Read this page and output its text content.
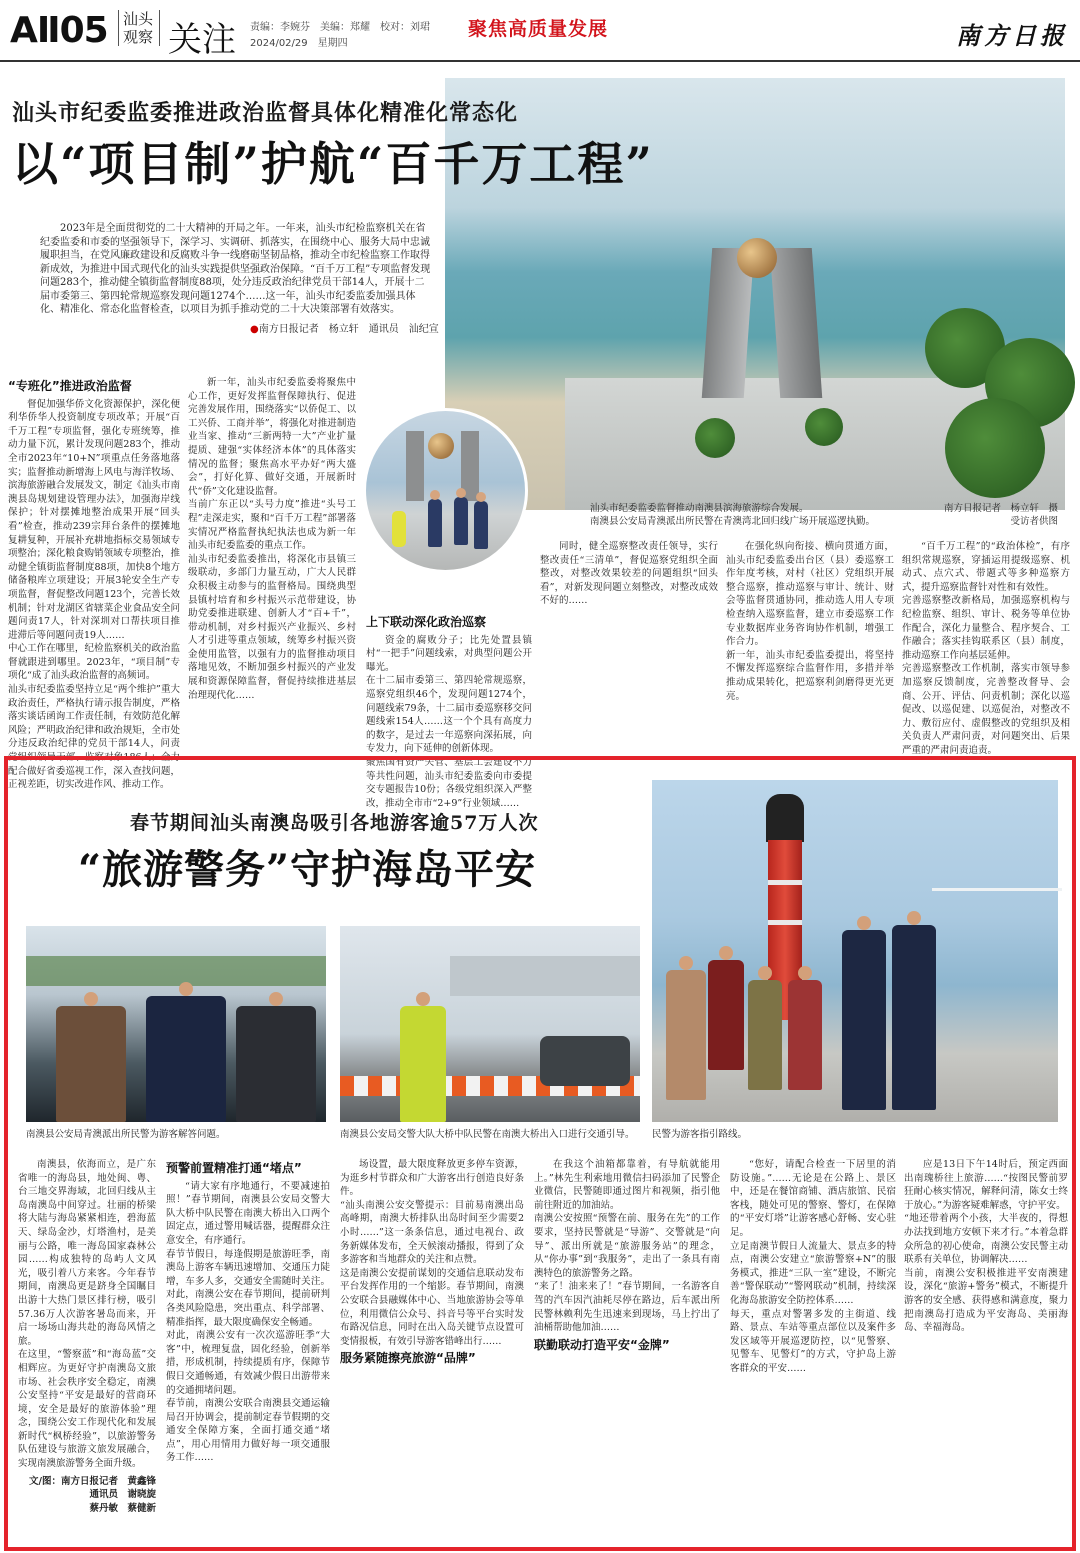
AⅡ05	汕头观察 关注 责编：李婉芬　美编：郑耀　校对：刘珺
2024/02/29　星期四
聚焦高质量发展	南方日报
汕头市纪委监委推进政治监督具体化精准化常态化
以“项目制”护航“百千万工程”
2023年是全面贯彻党的二十大精神的开局之年。一年来，汕头市纪检监察机关在省纪委监委和市委的坚强领导下，深学习、实调研、抓落实，在围绕中心、服务大局中忠诚履职担当，在党风廉政建设和反腐败斗争一线磨砺坚韧品格，推动全市纪检监察工作取得新成效，为推进中国式现代化的汕头实践提供坚强政治保障。“百千万工程”专项监督发现问题283个，推动健全镇街监督制度88项，处分违反政治纪律党员干部14人，开展十二届市委第三、第四轮常规巡察发现问题1274个……这一年，汕头市纪委监委加强具体化、精准化、常态化监督检查，以项目为抓手推动党的二十大决策部署有效落实。
●南方日报记者　杨立轩　通讯员　汕纪宣
汕头市纪委监委监督推动南澳县滨海旅游综合发展。
南澳县公安局青澳派出所民警在青澳湾北回归线广场开展巡逻执勤。
南方日报记者　杨立轩　摄
受访者供图
“专班化”推进政治监督

督促加强华侨文化资源保护，深化便利华侨华人投资制度专项改革；开展“百千万工程”专项监督，强化专班统筹，推动力量下沉，累计发现问题283个，推动全市2023年“10+N”项重点任务落地落实；监督推动新增海上风电与海洋牧场、滨海旅游融合发展发文，制定《汕头市南澳县岛规划建设管理办法》，加强海岸线保护；针对摆摊地整治成果开展“回头看”检查，推动239宗拜台条件的摆摊地复耕复种，开展补充耕地指标交易领域专项整治；深化粮食购销领域专项整治，推动健全镇街监督制度88项，加快8个地方储备粮库立项建设；开展3轮安全生产专项监督，督促整改问题123个，完善长效机制；针对龙湖区省辖菜企业食品安全问题问责17人，针对深圳对口帮扶项目推进滞后等问题问责19人……
中心工作在哪里，纪检监察机关的政治监督就跟进到哪里。2023年，“项目制”专项化“成了汕头政治监督的高频词。
汕头市纪委监委坚持立足“两个维护”重大政治责任，严格执行请示报告制度，严格落实谈话函询工作责任制，有效防范化解风险；严明政治纪律和政治规矩，全市处分违反政治纪律的党员干部14人，问责党组织领导干部、监察对象186人；全力配合做好省委巡视工作，深入查找问题，正视差距，切实改进作风、推动工作。

新一年，汕头市纪委监委将聚焦中心工作，更好发挥监督保障执行、促进完善发展作用，围绕落实“以侨促工、以工兴侨、工商并举”，将强化对推进制造业当家、推动“三新两特一大”产业扩量提质、建强“实体经济本体”的具体落实情况的监督；聚焦高水平办好“两大盛会”，打好化算、做好交通，开展新时代“侨”文化建设监督。
当前广东正以“头号力度”推进“头号工程”走深走实，聚和“百千万工程”部署落实情况严格监督执纪执法也成为新一年汕头市纪委监委的重点工作。
汕头市纪委监委推出，将深化市县镇三级联动，多部门力量互动，广大人民群众积极主动参与的监督格局。围绕典型县镇村培育和乡村振兴示范带建设，协助党委推进联建、创新人才“百+千”，带动机制，对乡村振兴产业振兴、乡村人才引进等重点领域，统筹乡村振兴资金使用监管，以强有力的监督推动项目落地见效，不断加强乡村振兴的产业发展和资源保障监督，督促持续推进基层治理现代化……

上下联动深化政治巡察

资金的腐败分子；比先处置县镇村“一把手”问题线索，对典型问题公开曝光。
在十二届市委第三、第四轮常规巡察，巡察党组织46个，发现问题1274个，问题线索79条，十二届市委巡察移交问题线索154人……这一个个具有高度力的数字，是过去一年巡察向深拓展，向专发力，向下延伸的创新体现。
聚焦国有资产失管、基层工会建设不力等共性问题，汕头市纪委监委向市委提交专题报告10份；各级党组织深入严整改，推动全市市“2+9”行业领域……

同时，健全巡察整改责任领导，实行整改责任“三清单”，督促巡察党组织全面整改，对整改效果较差的问题组织“回头看”，对新发现问题立刻整改，对整改成效不好的……

在强化纵向衔接、横向贯通方面，汕头市纪委监委出台区（县）委巡察工作年度考核，对村（社区）党组织开展整合巡察，推动巡察与审计、统计、财会等监督贯通协同，推动选人用人专项检查纳入巡察监督，建立市委巡察工作专业数据库业务咨询协作机制，增强工作合力。
新一年，汕头市纪委监委提出，将坚持不懈发挥巡察综合监督作用，多措并举推动成果转化，把巡察利剑磨得更光更亮。

“百千万工程”的“政治体检”，有序组织常规巡察，穿插运用提级巡察、机动式、点穴式、带题式等多种巡察方式，提升巡察监督针对性和有效性。
完善巡察整改新格局，加强巡察机构与纪检监察、组织、审计、税务等单位协作配合，深化力量整合、程序契合、工作融合；落实挂钩联系区（县）制度，推动巡察工作向基层延伸。
完善巡察整改工作机制，落实市领导参加巡察反馈制度，完善整改督导、会商、公开、评估、问责机制；深化以巡促改、以巡促建、以巡促治，对整改不力、敷衍应付、虚假整改的党组织及相关负责人严肃问责，对问题突出、后果严重的严肃问责追责。

春节期间汕头南澳岛吸引各地游客逾57万人次
“旅游警务”守护海岛平安
南澳县公安局青澳派出所民警为游客解答问题。	南澳县公安局交警大队大桥中队民警在南澳大桥出入口进行交通引导。 民警为游客指引路线。

南澳县，依海而立，是广东省唯一的海岛县，地处闽、粤、台三地交界海域，北回归线从主岛南澳岛中间穿过。壮丽的桥梁将大陆与海岛紧紧相连，碧海蓝天、绿岛金沙，灯塔渔村，是美丽与公路，唯一海岛国家森林公园……构成独特的岛屿人文风光，吸引着八方来客。今年春节期间，南澳岛更是跻身全国瞩目出游十大热门景区排行榜，吸引57.36万人次游客暑岛而来，开启一场场山海共赴的海岛风情之旅。
在这里，“警察蓝”和“海岛蓝”交相辉应。为更好守护南澳岛文旅市场、社会秩序安全稳定，南澳公安坚持“平安是最好的营商环境，安全是最好的旅游体验”理念，围绕公安工作现代化和发展新时代“枫桥经验”，以旅游警务队伍建设与旅游文旅发展融合，实现南澳旅游警务全面升级。

文/图：南方日报记者　黄鑫锋
通讯员　谢晓旋
蔡丹敏　蔡健新
预警前置精准打通“堵点”

“请大家有序地通行，不要减速拍照！”春节期间，南澳县公安局交警大队大桥中队民警在南澳大桥出入口两个固定点，通过警用喊话器，提醒群众注意安全，有序通行。
春节节假日，每逢假期是旅游旺季，南澳岛上游客车辆迅速增加、交通压力陡增，车多人多，交通安全需随时关注。对此，南澳公安在春节期间，提前研判各类风险隐患，突出重点、科学部署、精准指挥，最大限度确保安全畅通。
对此，南澳公安有一次次巡游旺季“大客”中，梳理复盘，固化经验，创新举措，形成机制，持续提质有序，保障节假日交通畅通，有效减少假日出游带来的交通拥堵问题。
春节前，南澳公安联合南澳县交通运输局召开协调会，提前制定春节假期的交通安全保障方案，全面打通交通“堵点”，用心用情用力做好每一项交通服务工作……

场设置，最大限度释放更多停车资源，为逛乡村节群众和广大游客出行创造良好条件。
“汕头南澳公安交警提示：目前易南澳出岛高峰期，南澳大桥排队出岛时间至少需要2小时……”这一条条信息，通过电视台、政务新媒体发布，全天候滚动播报，得到了众多游客和当地群众的关注和点赞。
这是南澳公安提前谋划的交通信息联动发布平台发挥作用的一个缩影。春节期间，南澳公安联合县融媒体中心、当地旅游协会等单位，利用微信公众号、抖音号等平台实时发布路况信息，同时在出入岛关键节点设置可变情报板，有效引导游客错峰出行……

服务紧随擦亮旅游“品牌”

在我这个油箱都靠着，有导航就能用上。”林先生利索地用微信扫码添加了民警企业微信，民警随即通过图片和视频，指引他前往附近的加油站。
南澳公安按照“预警在前、服务在先”的工作要求，坚持民警就是“导游”、交警就是“向导”、派出所就是“旅游服务站”的理念，从“你办事”到“我服务”，走出了一条具有南澳特色的旅游警务之路。
“来了！油来来了！”春节期间，一名游客自驾的汽车因汽油耗尽停在路边，后车派出所民警林赖利先生迅速来到现场，马上拧出了油桶帮助他加油……

联勤联动打造平安“金牌”

“您好，请配合检查一下居里的消防设施。”……无论是在公路上、景区中，还是在餐馆商铺、酒店旅馆、民宿客栈，随处可见的警察、警灯，在保障的“平安灯塔”让游客感心舒畅、安心驻足。
立足南澳节假日人流量大、景点多的特点，南澳公安建立“旅游警察+N”的服务模式，推进“三队一室”建设，不断完善“警保联动”“警网联动”机制，持续深化海岛旅游安全防控体系……
每天，重点对警署多发的主街道、线路、景点、车站等重点部位以及案件多发区域等开展巡逻防控，以“见警察、见警车、见警灯”的方式，守护岛上游客群众的平安……

应是13日下午14时后，预定西面出南瑰桥往上旅游……“按图民警前罗狂耐心核实情况，解释问清，陈女士终于放心。”为游客疑难解惑，守护平安。
“地还带着两个小孩，大半夜的，得想办法找到地方安顿下来才行。”本着急群众所急的初心使命，南澳公安民警主动联系有关单位，协调解决……
当前，南澳公安积极推进平安南澳建设，深化“旅游+警务”模式，不断提升游客的安全感、获得感和满意度，聚力把南澳岛打造成为平安海岛、美丽海岛、幸福海岛。
